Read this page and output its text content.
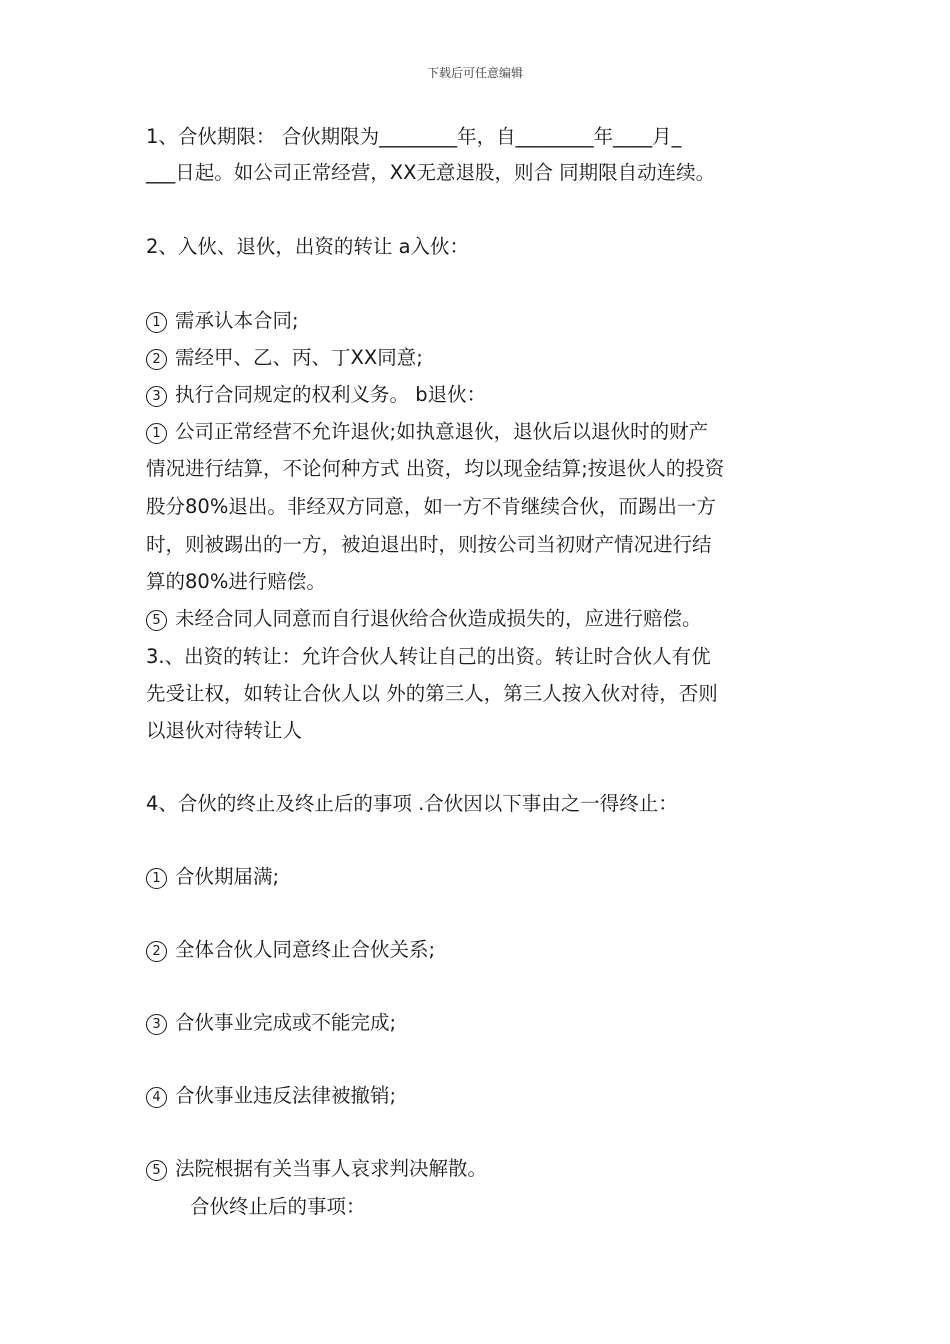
下载后可任意编辑
1、合伙期限： 合伙期限为________年，自________年____月_
___日起。如公司正常经营，XX无意退股，则合 同期限自动连续。
2、入伙、退伙，出资的转让 a入伙：
1 需承认本合同;
2 需经甲、乙、丙、丁XX同意;
3 执行合同规定的权利义务。 b退伙：
1 公司正常经营不允许退伙;如执意退伙，退伙后以退伙时的财产
情况进行结算，不论何种方式 出资，均以现金结算;按退伙人的投资
股分80%退出。非经双方同意，如一方不肯继续合伙，而踢出一方
时，则被踢出的一方，被迫退出时，则按公司当初财产情况进行结
算的80%进行赔偿。
5 未经合同人同意而自行退伙给合伙造成损失的，应进行赔偿。
3.、出资的转让：允许合伙人转让自己的出资。转让时合伙人有优
先受让权，如转让合伙人以 外的第三人，第三人按入伙对待，否则
以退伙对待转让人
4、合伙的终止及终止后的事项 .合伙因以下事由之一得终止：
1 合伙期届满;
2 全体合伙人同意终止合伙关系;
3 合伙事业完成或不能完成;
4 合伙事业违反法律被撤销;
5 法院根据有关当事人哀求判决解散。
合伙终止后的事项：
